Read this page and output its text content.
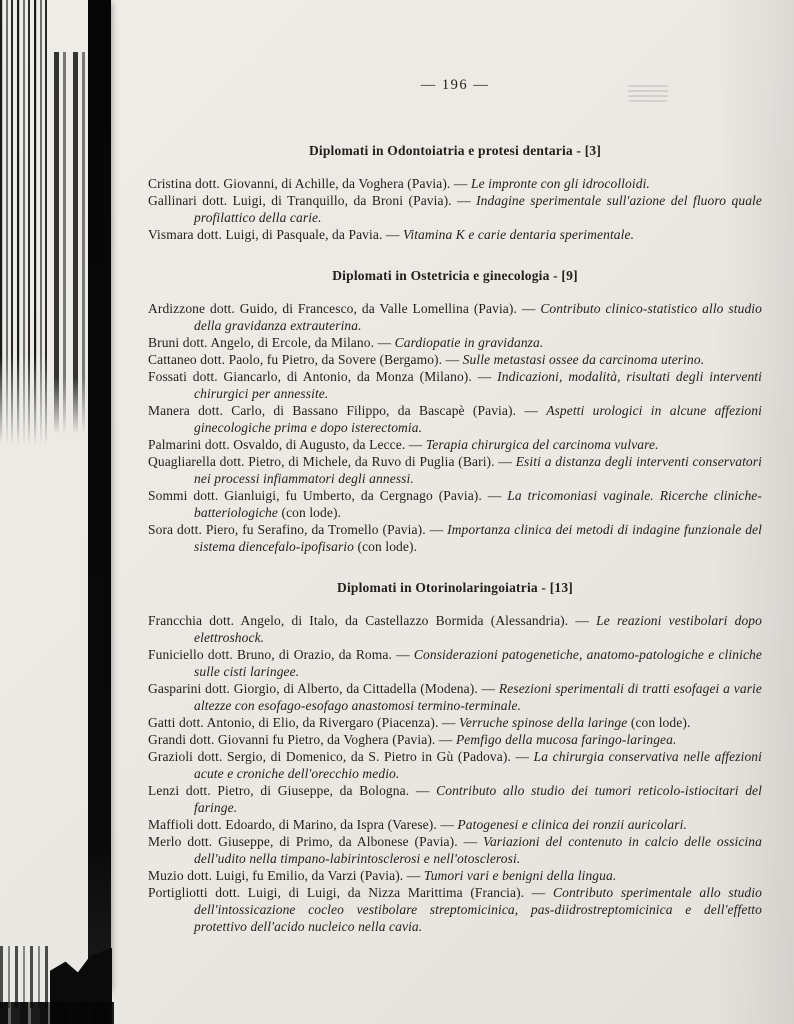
— 196 —
Diplomati in Odontoiatria e protesi dentaria - [3]

Cristina dott. Giovanni, di Achille, da Voghera (Pavia). — Le impronte con gli idrocolloidi.

Gallinari dott. Luigi, di Tranquillo, da Broni (Pavia). — Indagine sperimentale sull'azione del fluoro quale profilattico della carie.

Vismara dott. Luigi, di Pasquale, da Pavia. — Vitamina K e carie dentaria sperimentale.

Diplomati in Ostetricia e ginecologia - [9]

Ardizzone dott. Guido, di Francesco, da Valle Lomellina (Pavia). — Contributo clinico-statistico allo studio della gravidanza extrauterina.

Bruni dott. Angelo, di Ercole, da Milano. — Cardiopatie in gravidanza.

Cattaneo dott. Paolo, fu Pietro, da Sovere (Bergamo). — Sulle metastasi ossee da carcinoma uterino.

Fossati dott. Giancarlo, di Antonio, da Monza (Milano). — Indicazioni, modalità, risultati degli interventi chirurgici per annessite.

Manera dott. Carlo, di Bassano Filippo, da Bascapè (Pavia). — Aspetti urologici in alcune affezioni ginecologiche prima e dopo isterectomia.

Palmarini dott. Osvaldo, di Augusto, da Lecce. — Terapia chirurgica del carcinoma vulvare.

Quagliarella dott. Pietro, di Michele, da Ruvo di Puglia (Bari). — Esiti a distanza degli interventi conservatori nei processi infiammatori degli annessi.

Sommi dott. Gianluigi, fu Umberto, da Cergnago (Pavia). — La tricomoniasi vaginale. Ricerche cliniche-batteriologiche (con lode).

Sora dott. Piero, fu Serafino, da Tromello (Pavia). — Importanza clinica dei metodi di indagine funzionale del sistema diencefalo-ipofisario (con lode).

Diplomati in Otorinolaringoiatria - [13]

Francchia dott. Angelo, di Italo, da Castellazzo Bormida (Alessandria). — Le reazioni vestibolari dopo elettroshock.

Funiciello dott. Bruno, di Orazio, da Roma. — Considerazioni patogenetiche, anatomo-patologiche e cliniche sulle cisti laringee.

Gasparini dott. Giorgio, di Alberto, da Cittadella (Modena). — Resezioni sperimentali di tratti esofagei a varie altezze con esofago-esofago anastomosi termino-terminale.

Gatti dott. Antonio, di Elio, da Rivergaro (Piacenza). — Verruche spinose della laringe (con lode).

Grandi dott. Giovanni fu Pietro, da Voghera (Pavia). — Pemfigo della mucosa faringo-laringea.

Grazioli dott. Sergio, di Domenico, da S. Pietro in Gù (Padova). — La chirurgia conservativa nelle affezioni acute e croniche dell'orecchio medio.

Lenzi dott. Pietro, di Giuseppe, da Bologna. — Contributo allo studio dei tumori reticolo-istiocitari del faringe.

Maffioli dott. Edoardo, di Marino, da Ispra (Varese). — Patogenesi e clinica dei ronzii auricolari.

Merlo dott. Giuseppe, di Primo, da Albonese (Pavia). — Variazioni del contenuto in calcio delle ossicina dell'udito nella timpano-labirintosclerosi e nell'otosclerosi.

Muzio dott. Luigi, fu Emilio, da Varzi (Pavia). — Tumori vari e benigni della lingua.

Portigliotti dott. Luigi, di Luigi, da Nizza Marittima (Francia). — Contributo sperimentale allo studio dell'intossicazione cocleo vestibolare streptomicinica, pas-diidrostreptomicinica e dell'effetto protettivo dell'acido nucleico nella cavia.
